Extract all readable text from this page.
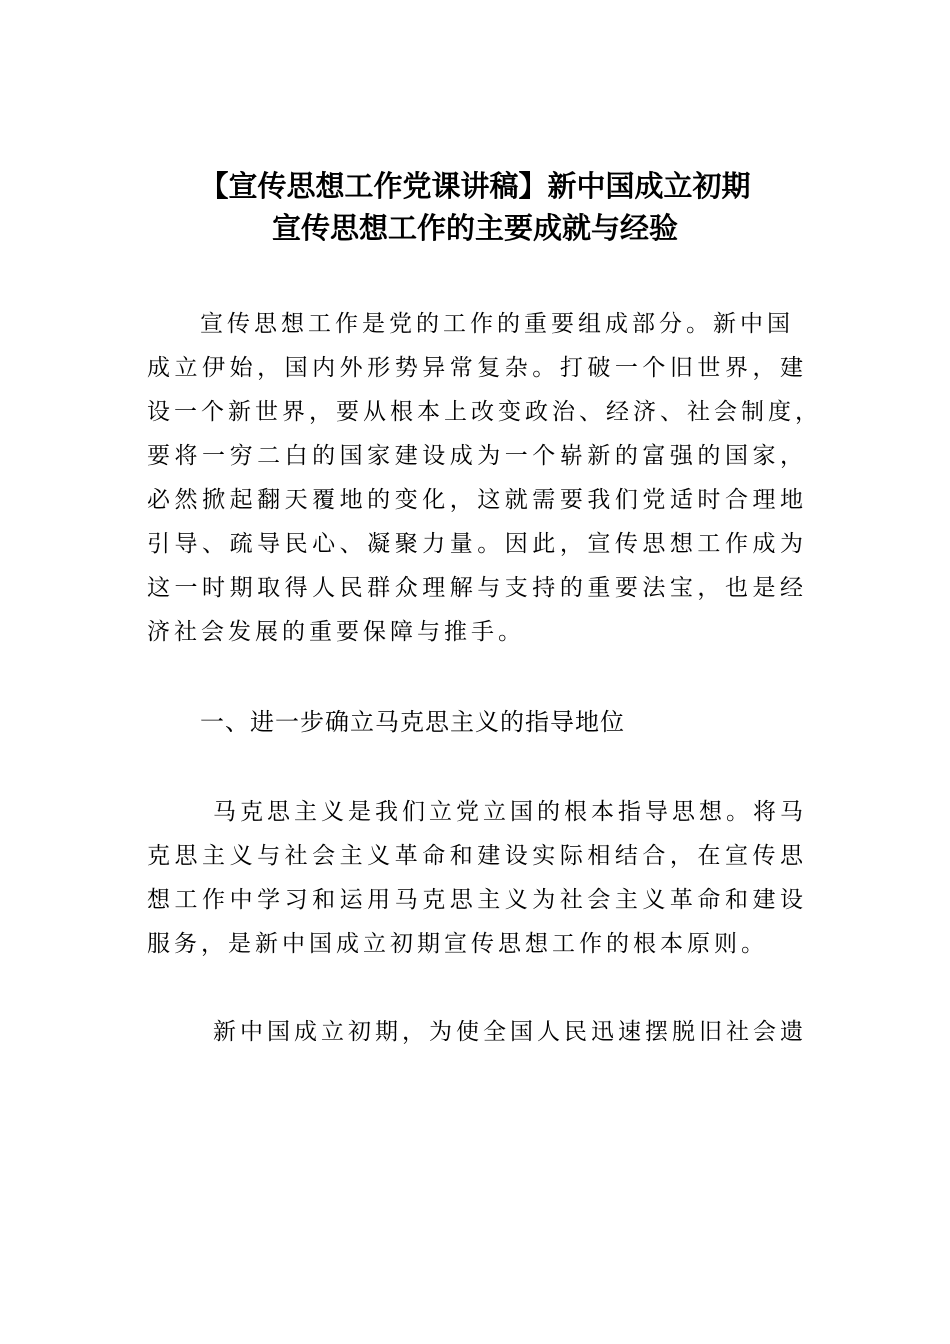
【宣传思想工作党课讲稿】新中国成立初期
宣传思想工作的主要成就与经验
宣传思想工作是党的工作的重要组成部分。新中国
成立伊始，国内外形势异常复杂。打破一个旧世界，建
设一个新世界，要从根本上改变政治、经济、社会制度，
要将一穷二白的国家建设成为一个崭新的富强的国家，
必然掀起翻天覆地的变化，这就需要我们党适时合理地
引导、疏导民心、凝聚力量。因此，宣传思想工作成为
这一时期取得人民群众理解与支持的重要法宝，也是经
济社会发展的重要保障与推手。
一、进一步确立马克思主义的指导地位
马克思主义是我们立党立国的根本指导思想。将马
克思主义与社会主义革命和建设实际相结合，在宣传思
想工作中学习和运用马克思主义为社会主义革命和建设
服务，是新中国成立初期宣传思想工作的根本原则。
新中国成立初期，为使全国人民迅速摆脱旧社会遗
